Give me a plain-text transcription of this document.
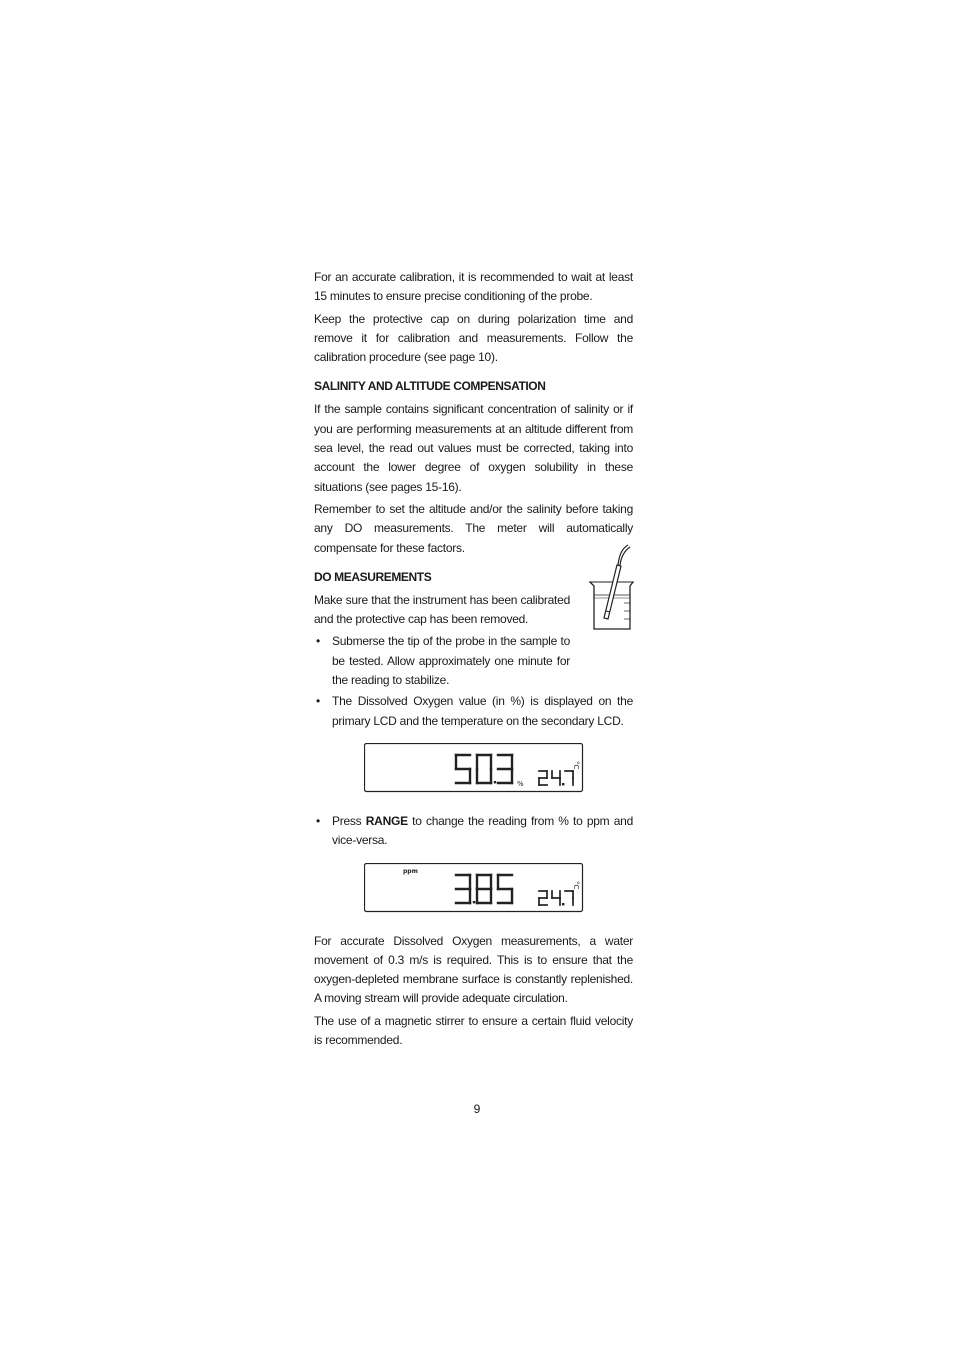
For an accurate calibration, it is recommended to wait at least 15 minutes to ensure precise conditioning of the probe.

Keep the protective cap on during polarization time and remove it for calibration and measurements. Follow the calibration procedure (see page 10).

SALINITY AND ALTITUDE COMPENSATION

If the sample contains significant concentration of salinity or if you are performing measurements at an altitude different from sea level, the read out values must be corrected, taking into account the lower degree of oxygen solubility in these situations (see pages 15-16).

Remember to set the altitude and/or the salinity before taking any DO measurements. The meter will automatically compensate for these factors.

DO MEASUREMENTS

Make sure that the instrument has been calibrated and the protective cap has been removed.

• Submerse the tip of the probe in the sample to be tested. Allow approximately one minute for the reading to stabilize.
• The Dissolved Oxygen value (in %) is displayed on the primary LCD and the temperature on the secondary LCD.
%
°C
• Press RANGE to change the reading from % to ppm and vice-versa.
ppm
°C

For accurate Dissolved Oxygen measurements, a water movement of 0.3 m/s is required. This is to ensure that the oxygen-depleted membrane surface is constantly replenished. A moving stream will provide adequate circulation.

The use of a magnetic stirrer to ensure a certain fluid velocity is recommended.

9
